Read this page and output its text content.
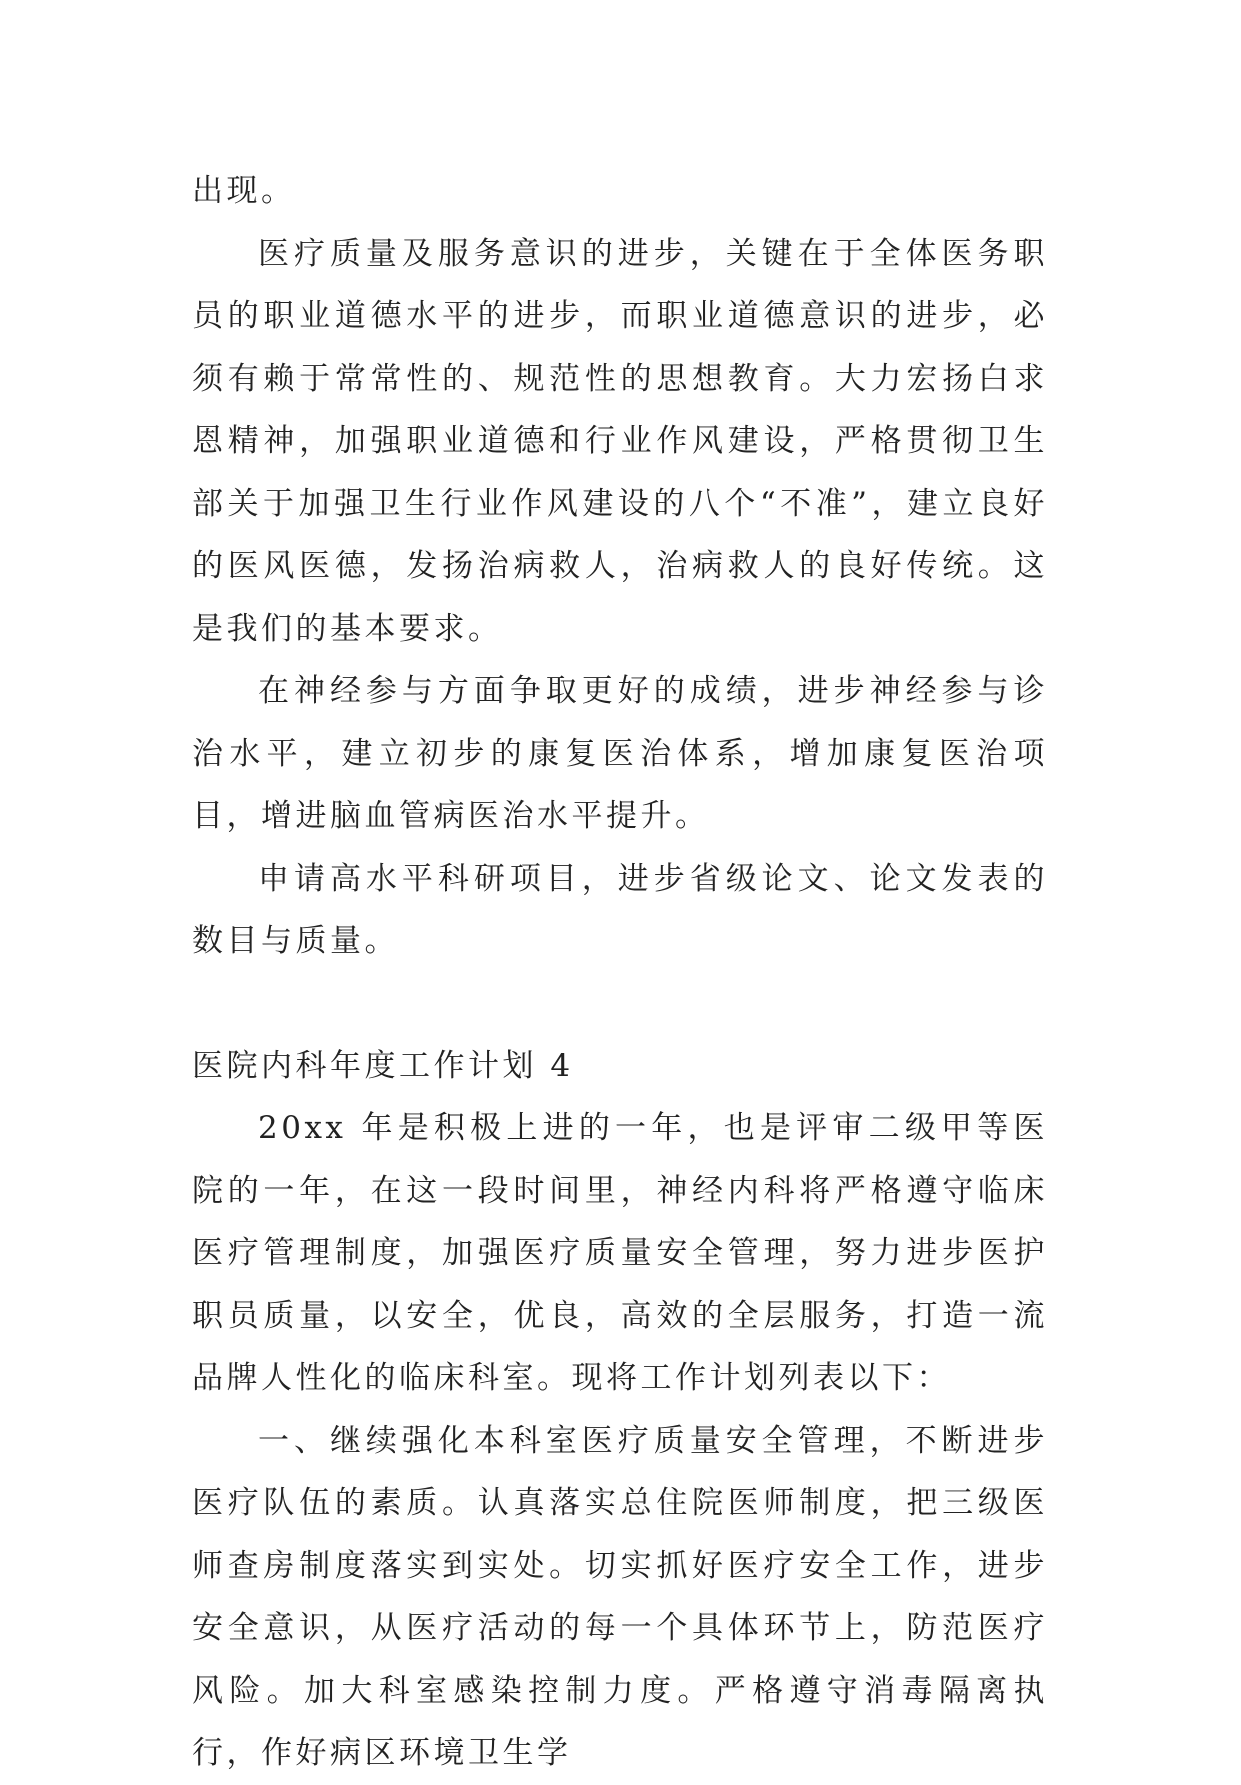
出现。

医疗质量及服务意识的进步，关键在于全体医务职员的职业道德水平的进步，而职业道德意识的进步，必须有赖于常常性的、规范性的思想教育。大力宏扬白求恩精神，加强职业道德和行业作风建设，严格贯彻卫生部关于加强卫生行业作风建设的八个“不准”，建立良好的医风医德，发扬治病救人，治病救人的良好传统。这是我们的基本要求。

在神经参与方面争取更好的成绩，进步神经参与诊治水平，建立初步的康复医治体系，增加康复医治项目，增进脑血管病医治水平提升。

申请高水平科研项目，进步省级论文、论文发表的数目与质量。

医院内科年度工作计划 4

20xx 年是积极上进的一年，也是评审二级甲等医院的一年，在这一段时间里，神经内科将严格遵守临床医疗管理制度，加强医疗质量安全管理，努力进步医护职员质量，以安全，优良，高效的全层服务，打造一流品牌人性化的临床科室。现将工作计划列表以下：

一、继续强化本科室医疗质量安全管理，不断进步医疗队伍的素质。认真落实总住院医师制度，把三级医师查房制度落实到实处。切实抓好医疗安全工作，进步安全意识，从医疗活动的每一个具体环节上，防范医疗风险。加大科室感染控制力度。严格遵守消毒隔离执行，作好病区环境卫生学
